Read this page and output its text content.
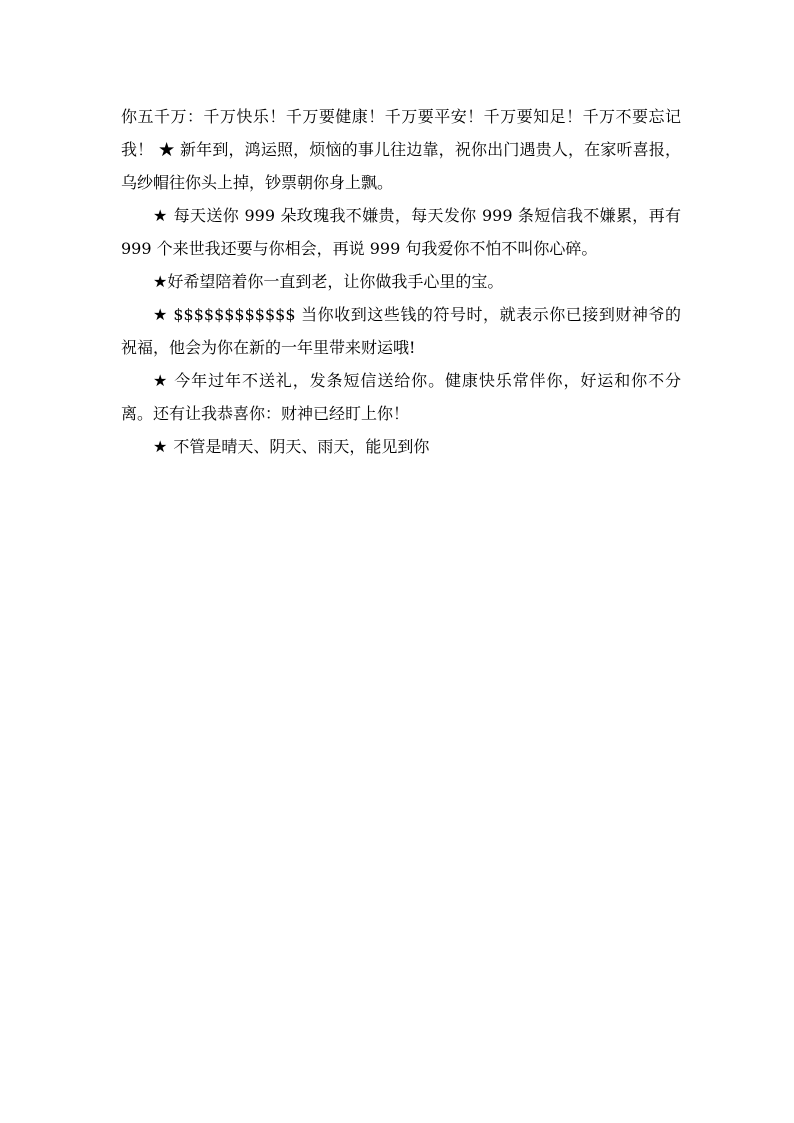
你五千万：千万快乐！千万要健康！千万要平安！千万要知足！千万不要忘记我！ ★ 新年到，鸿运照，烦恼的事儿往边靠，祝你出门遇贵人，在家听喜报，乌纱帽往你头上掉，钞票朝你身上飘。

★ 每天送你 999 朵玫瑰我不嫌贵，每天发你 999 条短信我不嫌累，再有 999 个来世我还要与你相会，再说 999 句我爱你不怕不叫你心碎。

★好希望陪着你一直到老，让你做我手心里的宝。

★ $$$$$$$$$$$$ 当你收到这些钱的符号时，就表示你已接到财神爷的祝福，他会为你在新的一年里带来财运哦!

★ 今年过年不送礼，发条短信送给你。健康快乐常伴你，好运和你不分离。还有让我恭喜你：财神已经盯上你！

★ 不管是晴天、阴天、雨天，能见到你
